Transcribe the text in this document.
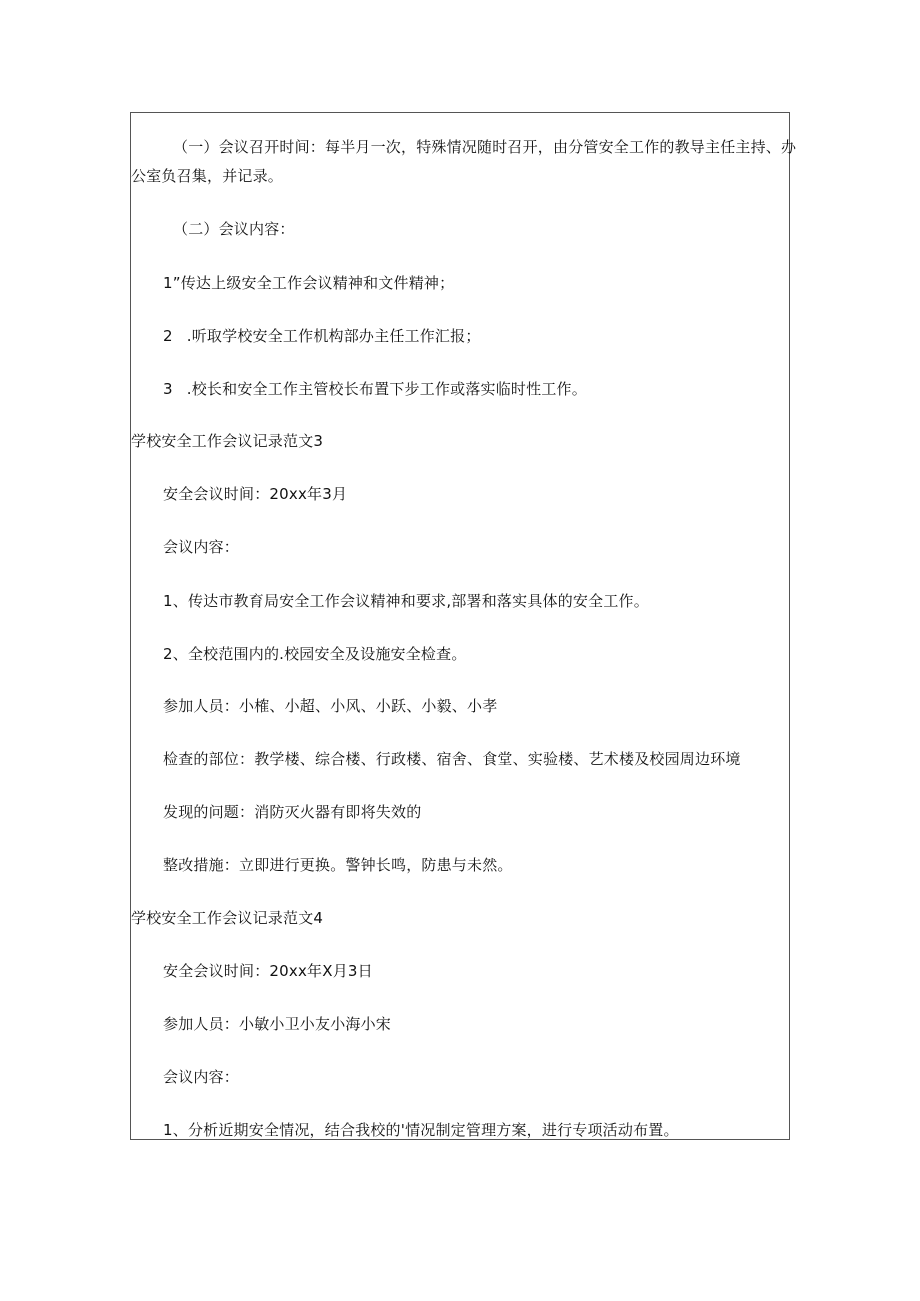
（一）会议召开时间：每半月一次，特殊情况随时召开，由分管安全工作的教导主任主持、办
公室负召集，并记录。
（二）会议内容：
1”传达上级安全工作会议精神和文件精神；
2 .听取学校安全工作机构部办主任工作汇报；
3 .校长和安全工作主管校长布置下步工作或落实临时性工作。
学校安全工作会议记录范文3
安全会议时间：20xx年3月
会议内容：
1、传达市教育局安全工作会议精神和要求,部署和落实具体的安全工作。
2、全校范围内的.校园安全及设施安全检查。
参加人员：小榷、小超、小风、小跃、小毅、小孝
检查的部位：教学楼、综合楼、行政楼、宿舍、食堂、实验楼、艺术楼及校园周边环境
发现的问题：消防灭火器有即将失效的
整改措施：立即进行更换。警钟长鸣，防患与未然。
学校安全工作会议记录范文4
安全会议时间：20xx年X月3日
参加人员：小敏小卫小友小海小宋
会议内容：
1、分析近期安全情况，结合我校的'情况制定管理方案，进行专项活动布置。
